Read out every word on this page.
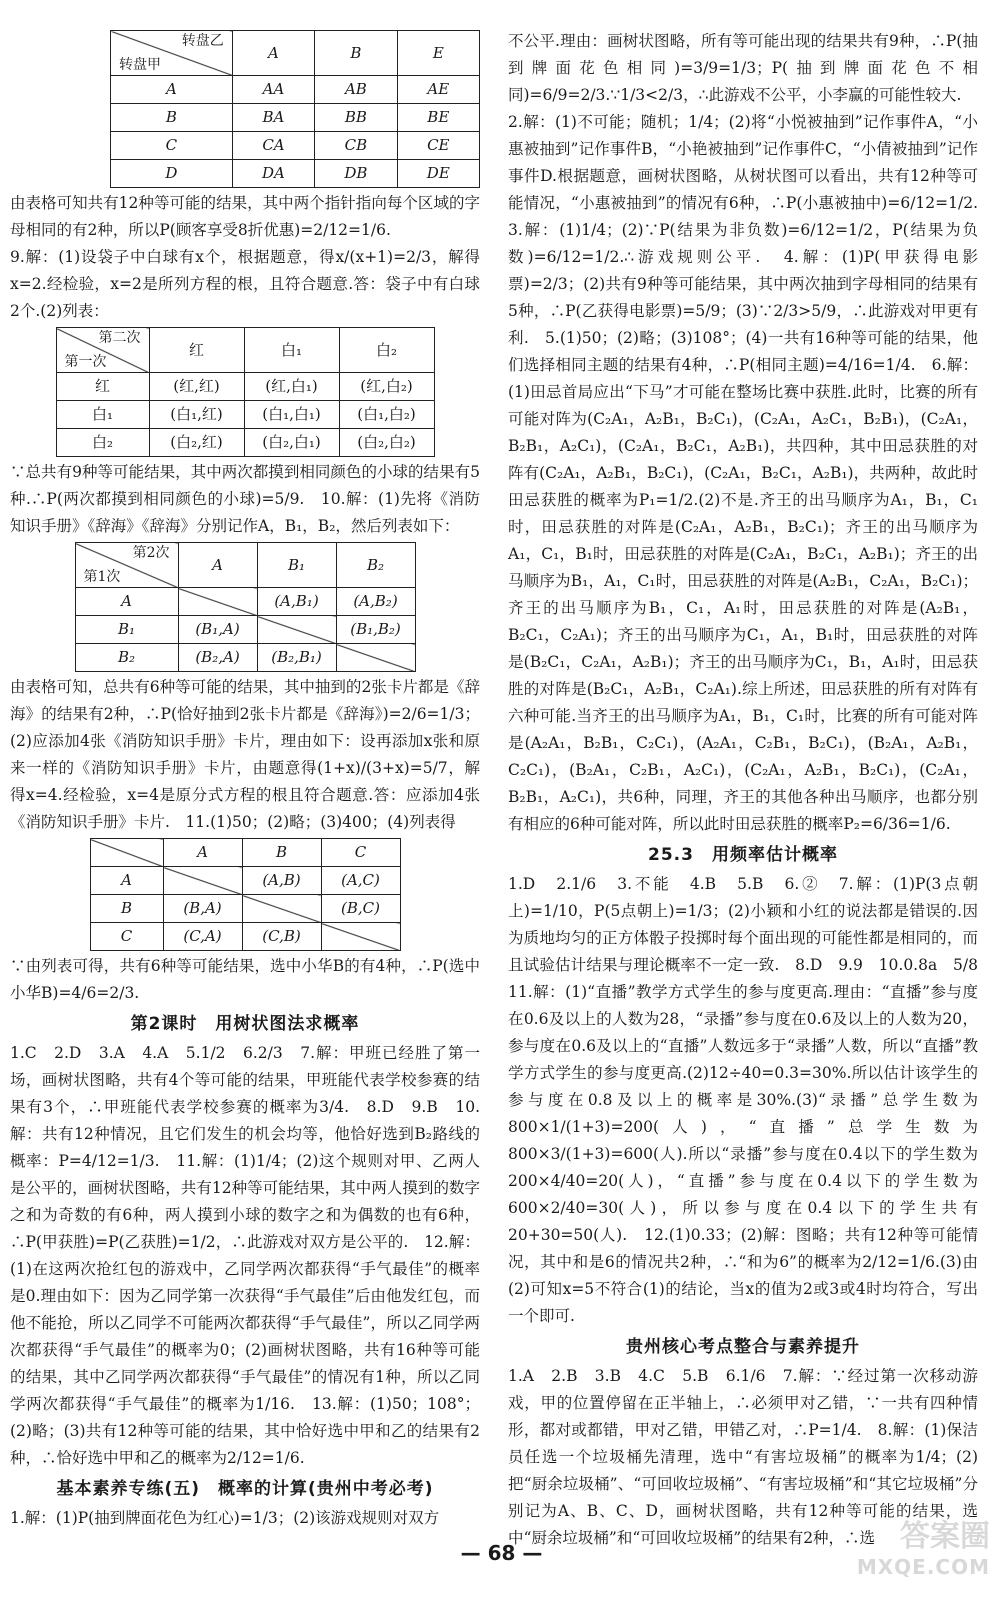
转盘乙
转盘甲	A	B	E
A	AA	AB	AE
B	BA	BB	BE
C	CA	CB	CE
D	DA	DB	DE

由表格可知共有12种等可能的结果，其中两个指针指向每个区域的字母相同的有2种，所以P(顾客享受8折优惠)=2/12=1/6.

9.解：(1)设袋子中白球有x个，根据题意，得x/(x+1)=2/3，解得x=2.经检验，x=2是所列方程的根，且符合题意.答：袋子中有白球2个.(2)列表：

第二次
第一次	红	白₁	白₂
红	(红,红)	(红,白₁)	(红,白₂)
白₁	(白₁,红)	(白₁,白₁)	(白₁,白₂)
白₂	(白₂,红)	(白₂,白₁)	(白₂,白₂)

∵总共有9种等可能结果，其中两次都摸到相同颜色的小球的结果有5种.∴P(两次都摸到相同颜色的小球)=5/9.　10.解：(1)先将《消防知识手册》《辞海》《辞海》分别记作A，B₁，B₂，然后列表如下：

第2次
第1次	A	B₁	B₂
A		(A,B₁)	(A,B₂)
B₁	(B₁,A)		(B₁,B₂)
B₂	(B₂,A)	(B₂,B₁)	

由表格可知，总共有6种等可能的结果，其中抽到的2张卡片都是《辞海》的结果有2种，∴P(恰好抽到2张卡片都是《辞海》)=2/6=1/3；(2)应添加4张《消防知识手册》卡片，理由如下：设再添加x张和原来一样的《消防知识手册》卡片，由题意得(1+x)/(3+x)=5/7，解得x=4.经检验，x=4是原分式方程的根且符合题意.答：应添加4张《消防知识手册》卡片.　11.(1)50；(2)略；(3)400；(4)列表得

	A	B	C
A		(A,B)	(A,C)
B	(B,A)		(B,C)
C	(C,A)	(C,B)	

∵由列表可得，共有6种等可能结果，选中小华B的有4种，∴P(选中小华B)=4/6=2/3.

第2课时　用树状图法求概率

1.C　2.D　3.A　4.A　5.1/2　6.2/3　7.解：甲班已经胜了第一场，画树状图略，共有4个等可能的结果，甲班能代表学校参赛的结果有3个，∴甲班能代表学校参赛的概率为3/4.　8.D　9.B　10.解：共有12种情况，且它们发生的机会均等，他恰好选到B₂路线的概率：P=4/12=1/3.　11.解：(1)1/4；(2)这个规则对甲、乙两人是公平的，画树状图略，共有12种等可能结果，其中两人摸到的数字之和为奇数的有6种，两人摸到小球的数字之和为偶数的也有6种，∴P(甲获胜)=P(乙获胜)=1/2，∴此游戏对双方是公平的.　12.解：(1)在这两次抢红包的游戏中，乙同学两次都获得“手气最佳”的概率是0.理由如下：因为乙同学第一次获得“手气最佳”后由他发红包，而他不能抢，所以乙同学不可能两次都获得“手气最佳”，所以乙同学两次都获得“手气最佳”的概率为0；(2)画树状图略，共有16种等可能的结果，其中乙同学两次都获得“手气最佳”的情况有1种，所以乙同学两次都获得“手气最佳”的概率为1/16.　13.解：(1)50；108°；(2)略；(3)共有12种等可能的结果，其中恰好选中甲和乙的结果有2种，∴恰好选中甲和乙的概率为2/12=1/6.

基本素养专练(五)　概率的计算(贵州中考必考)

1.解：(1)P(抽到牌面花色为红心)=1/3；(2)该游戏规则对双方

不公平.理由：画树状图略，所有等可能出现的结果共有9种，∴P(抽到牌面花色相同)=3/9=1/3；P(抽到牌面花色不相同)=6/9=2/3.∵1/3<2/3，∴此游戏不公平，小李赢的可能性较大.

2.解：(1)不可能；随机；1/4；(2)将“小悦被抽到”记作事件A，“小惠被抽到”记作事件B，“小艳被抽到”记作事件C，“小倩被抽到”记作事件D.根据题意，画树状图略，从树状图可以看出，共有12种等可能情况，“小惠被抽到”的情况有6种，∴P(小惠被抽中)=6/12=1/2.　3.解：(1)1/4；(2)∵P(结果为非负数)=6/12=1/2，P(结果为负数)=6/12=1/2.∴游戏规则公平.　4.解：(1)P(甲获得电影票)=2/3；(2)共有9种等可能结果，其中两次抽到字母相同的结果有5种，∴P(乙获得电影票)=5/9；(3)∵2/3>5/9，∴此游戏对甲更有利.　5.(1)50；(2)略；(3)108°；(4)一共有16种等可能的结果，他们选择相同主题的结果有4种，∴P(相同主题)=4/16=1/4.　6.解：(1)田忌首局应出“下马”才可能在整场比赛中获胜.此时，比赛的所有可能对阵为(C₂A₁，A₂B₁，B₂C₁)，(C₂A₁，A₂C₁，B₂B₁)，(C₂A₁，B₂B₁，A₂C₁)，(C₂A₁，B₂C₁，A₂B₁)，共四种，其中田忌获胜的对阵有(C₂A₁，A₂B₁，B₂C₁)，(C₂A₁，B₂C₁，A₂B₁)，共两种，故此时田忌获胜的概率为P₁=1/2.(2)不是.齐王的出马顺序为A₁，B₁，C₁时，田忌获胜的对阵是(C₂A₁，A₂B₁，B₂C₁)；齐王的出马顺序为A₁，C₁，B₁时，田忌获胜的对阵是(C₂A₁，B₂C₁，A₂B₁)；齐王的出马顺序为B₁，A₁，C₁时，田忌获胜的对阵是(A₂B₁，C₂A₁，B₂C₁)；齐王的出马顺序为B₁，C₁，A₁时，田忌获胜的对阵是(A₂B₁，B₂C₁，C₂A₁)；齐王的出马顺序为C₁，A₁，B₁时，田忌获胜的对阵是(B₂C₁，C₂A₁，A₂B₁)；齐王的出马顺序为C₁，B₁，A₁时，田忌获胜的对阵是(B₂C₁，A₂B₁，C₂A₁).综上所述，田忌获胜的所有对阵有六种可能.当齐王的出马顺序为A₁，B₁，C₁时，比赛的所有可能对阵是(A₂A₁，B₂B₁，C₂C₁)，(A₂A₁，C₂B₁，B₂C₁)，(B₂A₁，A₂B₁，C₂C₁)，(B₂A₁，C₂B₁，A₂C₁)，(C₂A₁，A₂B₁，B₂C₁)，(C₂A₁，B₂B₁，A₂C₁)，共6种，同理，齐王的其他各种出马顺序，也都分别有相应的6种可能对阵，所以此时田忌获胜的概率P₂=6/36=1/6.

25.3　用频率估计概率

1.D　2.1/6　3.不能　4.B　5.B　6.②　7.解：(1)P(3点朝上)=1/10，P(5点朝上)=1/3；(2)小颖和小红的说法都是错误的.因为质地均匀的正方体骰子投掷时每个面出现的可能性都是相同的，而且试验估计结果与理论概率不一定一致.　8.D　9.9　10.0.8a　5/8　11.解：(1)“直播”教学方式学生的参与度更高.理由：“直播”参与度在0.6及以上的人数为28，“录播”参与度在0.6及以上的人数为20，参与度在0.6及以上的“直播”人数远多于“录播”人数，所以“直播”教学方式学生的参与度更高.(2)12÷40=0.3=30%.所以估计该学生的参与度在0.8及以上的概率是30%.(3)“录播”总学生数为800×1/(1+3)=200(人)，“直播”总学生数为800×3/(1+3)=600(人).所以“录播”参与度在0.4以下的学生数为200×4/40=20(人)，“直播”参与度在0.4以下的学生数为600×2/40=30(人)，所以参与度在0.4以下的学生共有20+30=50(人).　12.(1)0.33；(2)解：图略；共有12种等可能情况，其中和是6的情况共2种，∴“和为6”的概率为2/12=1/6.(3)由(2)可知x=5不符合(1)的结论，当x的值为2或3或4时均符合，写出一个即可.

贵州核心考点整合与素养提升

1.A　2.B　3.B　4.C　5.B　6.1/6　7.解：∵经过第一次移动游戏，甲的位置停留在正半轴上，∴必须甲对乙错，∵一共有四种情形，都对或都错，甲对乙错，甲错乙对，∴P=1/4.　8.解：(1)保洁员任选一个垃圾桶先清理，选中“有害垃圾桶”的概率为1/4；(2)把“厨余垃圾桶”、“可回收垃圾桶”、“有害垃圾桶”和“其它垃圾桶”分别记为A、B、C、D，画树状图略，共有12种等可能的结果，选中“厨余垃圾桶”和“可回收垃圾桶”的结果有2种，∴选

— 68 —	答案圈
MXQE.COM
